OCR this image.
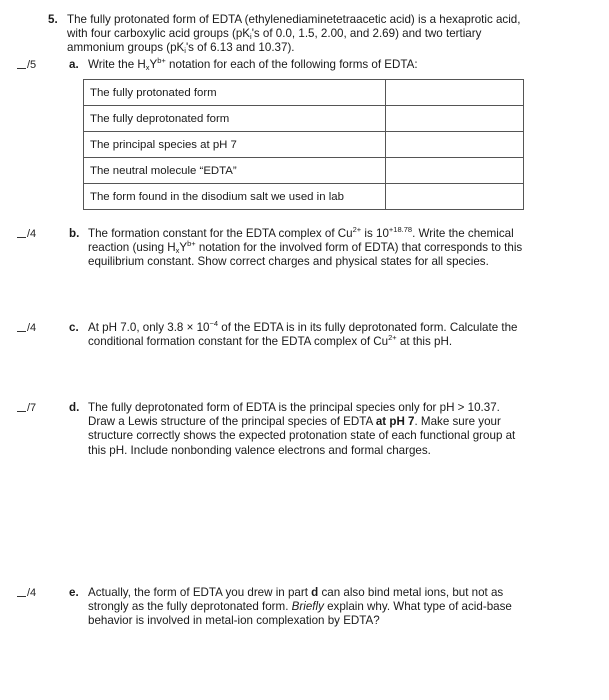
5. The fully protonated form of EDTA (ethylenediaminetetraacetic acid) is a hexaprotic acid,
with four carboxylic acid groups ($pK_i's$ of 0.0, 1.5, 2.00, and 2.69) and two tertiary
ammonium groups ($pK_i's$ of 6.13 and 10.37).
/5	a. Write the $H_xY^{b+}$ notation for each of the following forms of EDTA:
The fully protonated form	
The fully deprotonated form	
The principal species at pH 7	
The neutral molecule “EDTA”	
The form found in the disodium salt we used in lab	
/4	b. The formation constant for the EDTA complex of $Cu^{2+}$ is $10^{+18.78}$. Write the chemical
reaction (using $H_xY^{b+}$ notation for the involved form of EDTA) that corresponds to this
equilibrium constant. Show correct charges and physical states for all species.
/4	c. At pH 7.0, only $3.8 \times 10^{-4}$ of the EDTA is in its fully deprotonated form. Calculate the
conditional formation constant for the EDTA complex of $Cu^{2+}$ at this pH.
/7	d. The fully deprotonated form of EDTA is the principal species only for pH > 10.37.
Draw a Lewis structure of the principal species of EDTA at pH 7. Make sure your
structure correctly shows the expected protonation state of each functional group at
this pH. Include nonbonding valence electrons and formal charges.
/4	e. Actually, the form of EDTA you drew in part d can also bind metal ions, but not as
strongly as the fully deprotonated form. Briefly explain why. What type of acid-base
behavior is involved in metal-ion complexation by EDTA?
